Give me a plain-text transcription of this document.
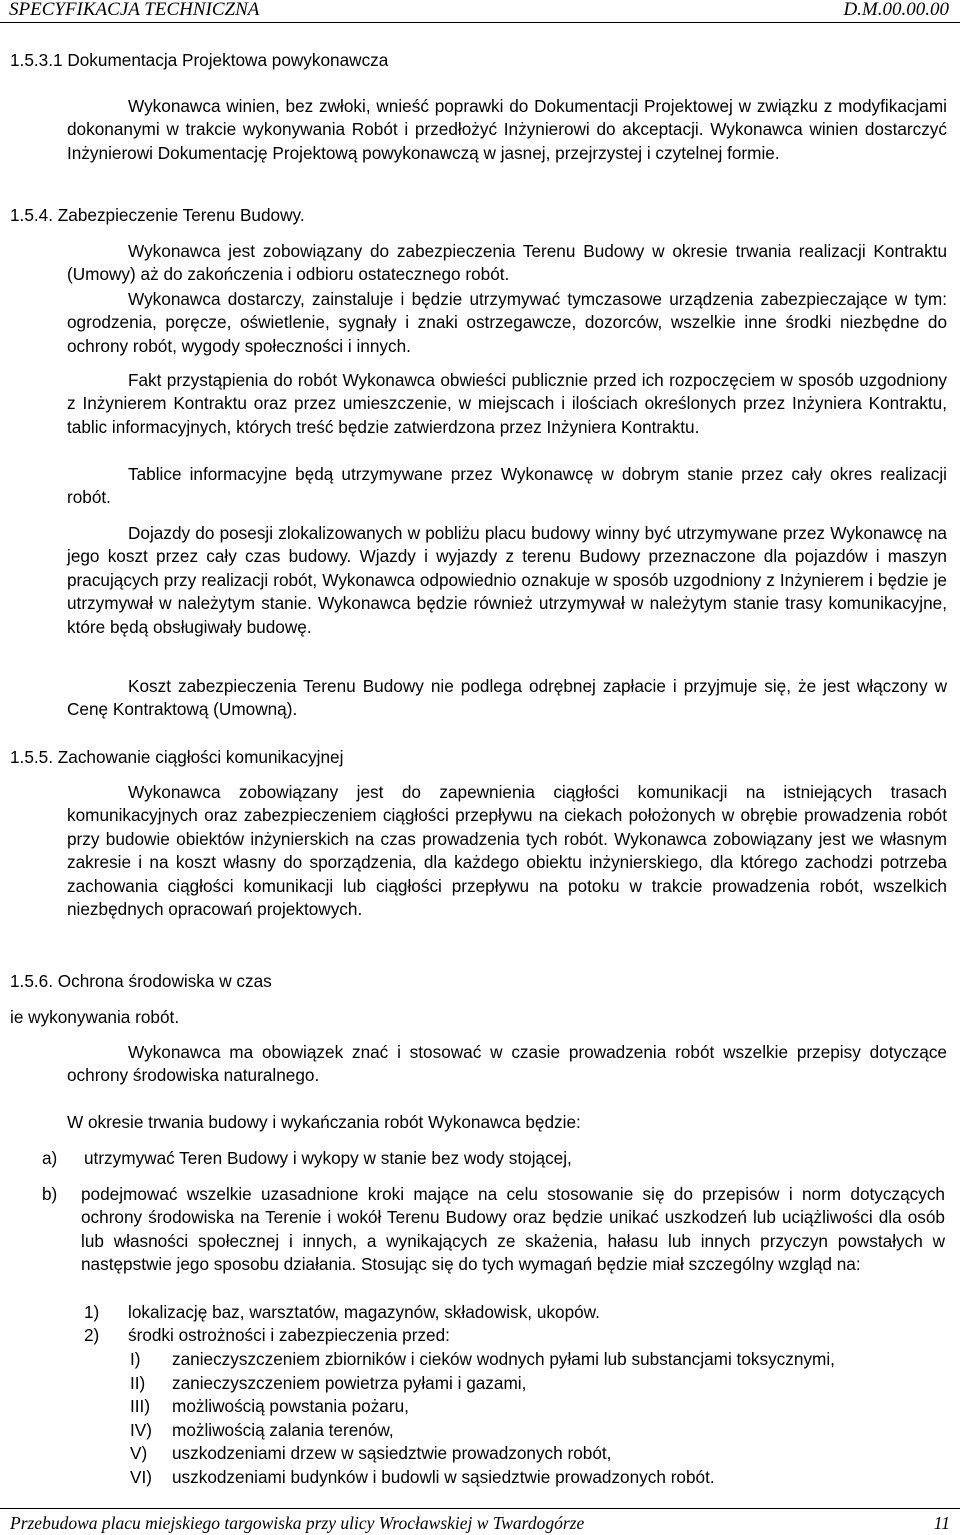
SPECYFIKACJA TECHNICZNA	D.M.00.00.00

1.5.3.1 Dokumentacja Projektowa powykonawcza

Wykonawca winien, bez zwłoki, wnieść poprawki do Dokumentacji Projektowej w związku z modyfikacjami dokonanymi w trakcie wykonywania Robót i przedłożyć Inżynierowi do akceptacji. Wykonawca winien dostarczyć Inżynierowi Dokumentację Projektową powykonawczą w jasnej, przejrzystej i czytelnej formie.

1.5.4. Zabezpieczenie Terenu Budowy.

Wykonawca jest zobowiązany do zabezpieczenia Terenu Budowy w okresie trwania realizacji Kontraktu (Umowy) aż do zakończenia i odbioru ostatecznego robót.

Wykonawca dostarczy, zainstaluje i będzie utrzymywać tymczasowe urządzenia zabezpieczające w tym: ogrodzenia, poręcze, oświetlenie, sygnały i znaki ostrzegawcze, dozorców, wszelkie inne środki niezbędne do ochrony robót, wygody społeczności i innych.

Fakt przystąpienia do robót Wykonawca obwieści publicznie przed ich rozpoczęciem w sposób uzgodniony z Inżynierem Kontraktu oraz przez umieszczenie, w miejscach i ilościach określonych przez Inżyniera Kontraktu, tablic informacyjnych, których treść będzie zatwierdzona przez Inżyniera Kontraktu.

Tablice informacyjne będą utrzymywane przez Wykonawcę w dobrym stanie przez cały okres realizacji robót.

Dojazdy do posesji zlokalizowanych w pobliżu placu budowy winny być utrzymywane przez Wykonawcę na jego koszt przez cały czas budowy. Wjazdy i wyjazdy z terenu Budowy przeznaczone dla pojazdów i maszyn pracujących przy realizacji robót, Wykonawca odpowiednio oznakuje w sposób uzgodniony z Inżynierem i będzie je utrzymywał w należytym stanie. Wykonawca będzie również utrzymywał w należytym stanie trasy komunikacyjne, które będą obsługiwały budowę.

Koszt zabezpieczenia Terenu Budowy nie podlega odrębnej zapłacie i przyjmuje się, że jest włączony w Cenę Kontraktową (Umowną).

1.5.5. Zachowanie ciągłości komunikacyjnej

Wykonawca zobowiązany jest do zapewnienia ciągłości komunikacji na istniejących trasach komunikacyjnych oraz zabezpieczeniem ciągłości przepływu na ciekach położonych w obrębie prowadzenia robót przy budowie obiektów inżynierskich na czas prowadzenia tych robót. Wykonawca zobowiązany jest we własnym zakresie i na koszt własny do sporządzenia, dla każdego obiektu inżynierskiego, dla którego zachodzi potrzeba zachowania ciągłości komunikacji lub ciągłości przepływu na potoku w trakcie prowadzenia robót, wszelkich niezbędnych opracowań projektowych.

1.5.6. Ochrona środowiska w czas

ie wykonywania robót.

Wykonawca ma obowiązek znać i stosować w czasie prowadzenia robót wszelkie przepisy dotyczące ochrony środowiska naturalnego.

W okresie trwania budowy i wykańczania robót Wykonawca będzie:

a) utrzymywać Teren Budowy i wykopy w stanie bez wody stojącej,

b) podejmować wszelkie uzasadnione kroki mające na celu stosowanie się do przepisów i norm dotyczących ochrony środowiska na Terenie i wokół Terenu Budowy oraz będzie unikać uszkodzeń lub uciążliwości dla osób lub własności społecznej i innych, a wynikających ze skażenia, hałasu lub innych przyczyn powstałych w następstwie jego sposobu działania. Stosując się do tych wymagań będzie miał szczególny wzgląd na:

1) lokalizację baz, warsztatów, magazynów, składowisk, ukopów.
2) środki ostrożności i zabezpieczenia przed:
I) zanieczyszczeniem zbiorników i cieków wodnych pyłami lub substancjami toksycznymi,
II) zanieczyszczeniem powietrza pyłami i gazami,
III) możliwością powstania pożaru,
IV) możliwością zalania terenów,
V) uszkodzeniami drzew w sąsiedztwie prowadzonych robót,
VI) uszkodzeniami budynków i budowli w sąsiedztwie prowadzonych robót.
Przebudowa placu miejskiego targowiska przy ulicy Wrocławskiej w Twardogórze	11
